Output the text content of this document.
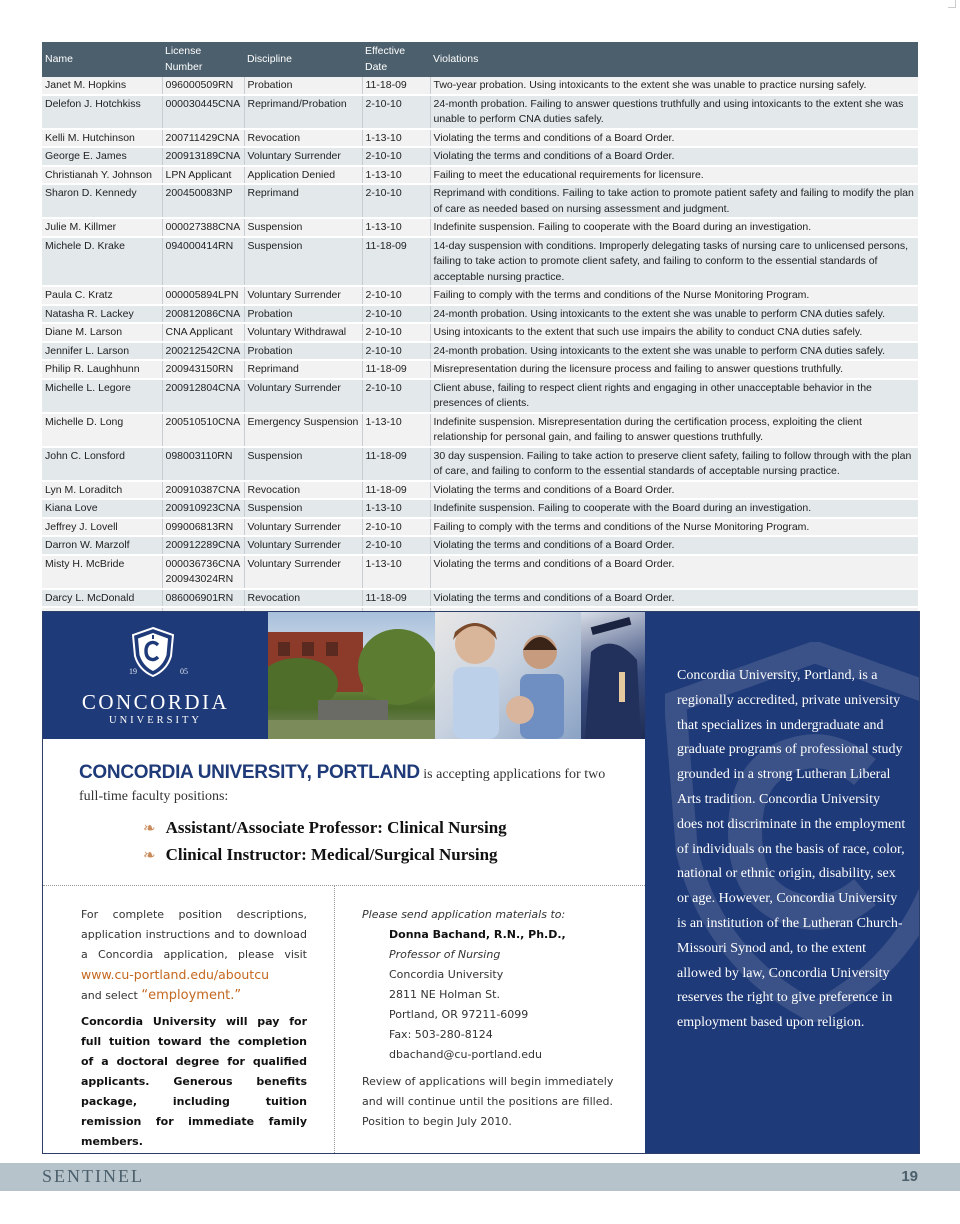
Name	License Number	Discipline	Effective Date	Violations
Janet M. Hopkins	096000509RN	Probation	11-18-09	Two-year probation. Using intoxicants to the extent she was unable to practice nursing safely.
Delefon J. Hotchkiss	000030445CNA	Reprimand/Probation	2-10-10	24-month probation. Failing to answer questions truthfully and using intoxicants to the extent she was unable to perform CNA duties safely.
Kelli M. Hutchinson	200711429CNA	Revocation	1-13-10	Violating the terms and conditions of a Board Order.
George E. James	200913189CNA	Voluntary Surrender	2-10-10	Violating the terms and conditions of a Board Order.
Christianah Y. Johnson	LPN Applicant	Application Denied	1-13-10	Failing to meet the educational requirements for licensure.
Sharon D. Kennedy	200450083NP	Reprimand	2-10-10	Reprimand with conditions. Failing to take action to promote patient safety and failing to modify the plan of care as needed based on nursing assessment and judgment.
Julie M. Killmer	000027388CNA	Suspension	1-13-10	Indefinite suspension. Failing to cooperate with the Board during an investigation.
Michele D. Krake	094000414RN	Suspension	11-18-09	14-day suspension with conditions. Improperly delegating tasks of nursing care to unlicensed persons, failing to take action to promote client safety, and failing to conform to the essential standards of acceptable nursing practice.
Paula C. Kratz	000005894LPN	Voluntary Surrender	2-10-10	Failing to comply with the terms and conditions of the Nurse Monitoring Program.
Natasha R. Lackey	200812086CNA	Probation	2-10-10	24-month probation. Using intoxicants to the extent she was unable to perform CNA duties safely.
Diane M. Larson	CNA Applicant	Voluntary Withdrawal	2-10-10	Using intoxicants to the extent that such use impairs the ability to conduct CNA duties safely.
Jennifer L. Larson	200212542CNA	Probation	2-10-10	24-month probation. Using intoxicants to the extent she was unable to perform CNA duties safely.
Philip R. Laughhunn	200943150RN	Reprimand	11-18-09	Misrepresentation during the licensure process and failing to answer questions truthfully.
Michelle L. Legore	200912804CNA	Voluntary Surrender	2-10-10	Client abuse, failing to respect client rights and engaging in other unacceptable behavior in the presences of clients.
Michelle D. Long	200510510CNA	Emergency Suspension	1-13-10	Indefinite suspension. Misrepresentation during the certification process, exploiting the client relationship for personal gain, and failing to answer questions truthfully.
John C. Lonsford	098003110RN	Suspension	11-18-09	30 day suspension. Failing to take action to preserve client safety, failing to follow through with the plan of care, and failing to conform to the essential standards of acceptable nursing practice.
Lyn M. Loraditch	200910387CNA	Revocation	11-18-09	Violating the terms and conditions of a Board Order.
Kiana Love	200910923CNA	Suspension	1-13-10	Indefinite suspension. Failing to cooperate with the Board during an investigation.
Jeffrey J. Lovell	099006813RN	Voluntary Surrender	2-10-10	Failing to comply with the terms and conditions of the Nurse Monitoring Program.
Darron W. Marzolf	200912289CNA	Voluntary Surrender	2-10-10	Violating the terms and conditions of a Board Order.
Misty H. McBride	000036736CNA 200943024RN	Voluntary Surrender	1-13-10	Violating the terms and conditions of a Board Order.
Darcy L. McDonald	086006901RN	Revocation	11-18-09	Violating the terms and conditions of a Board Order.

19	05
CONCORDIA
UNIVERSITY
CONCORDIA UNIVERSITY, PORTLAND is accepting applications for two full-time faculty positions:
❧ Assistant/Associate Professor: Clinical Nursing
❧ Clinical Instructor: Medical/Surgical Nursing

For complete position descriptions, application instructions and to download a Concordia application, please visit www.cu-portland.edu/aboutcu
and select “employment.”

Concordia University will pay for full tuition toward the completion of a doctoral degree for qualified applicants. Generous benefits package, including tuition remission for immediate family members.

Please send application materials to:
Donna Bachand, R.N., Ph.D.,
Professor of Nursing
Concordia University
2811 NE Holman St.
Portland, OR 97211-6099
Fax: 503-280-8124
dbachand@cu-portland.edu

Review of applications will begin immediately and will continue until the positions are filled. Position to begin July 2010.

Concordia University, Portland, is a regionally accredited, private university that specializes in undergraduate and graduate programs of professional study grounded in a strong Lutheran Liberal Arts tradition. Concordia University does not discriminate in the employment of individuals on the basis of race, color, national or ethnic origin, disability, sex or age. However, Concordia University is an institution of the Lutheran Church-Missouri Synod and, to the extent allowed by law, Concordia University reserves the right to give preference in employment based upon religion.
SENTINEL	19
